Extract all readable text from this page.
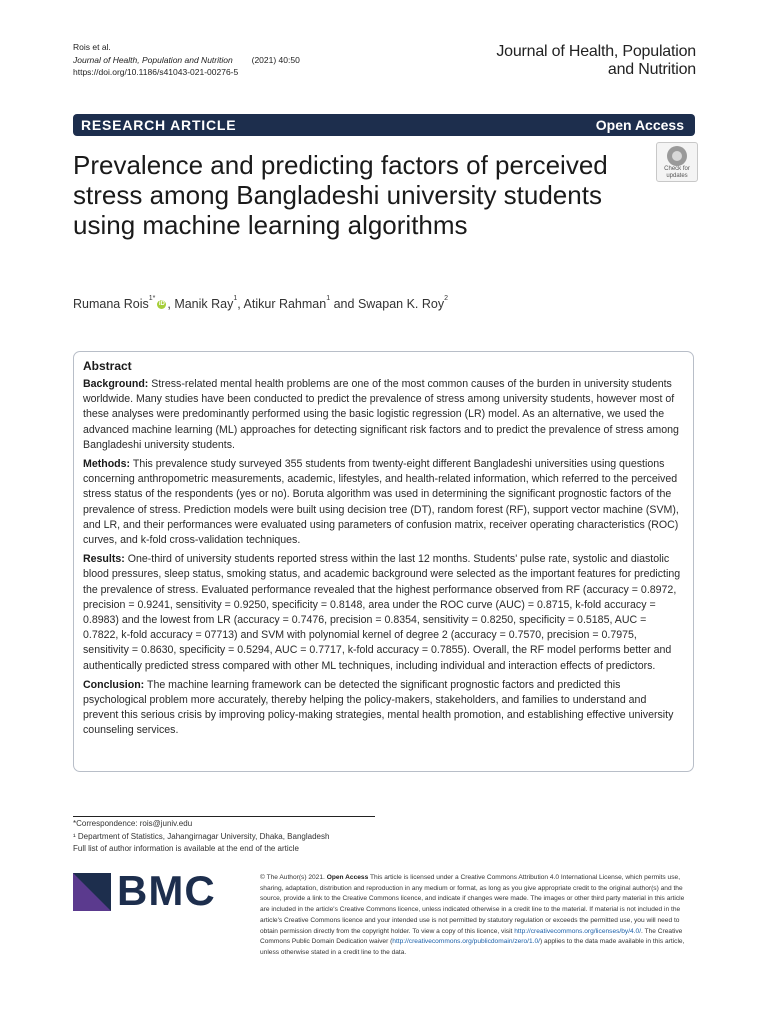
Rois et al.
Journal of Health, Population and Nutrition (2021) 40:50
https://doi.org/10.1186/s41043-021-00276-5
Journal of Health, Population
and Nutrition
RESEARCH ARTICLE	Open Access
Prevalence and predicting factors of perceived stress among Bangladeshi university students using machine learning algorithms
Check for
updates
Rumana Rois$^{1*}$iD , Manik Ray$^1$, Atikur Rahman$^1$ and Swapan K. Roy$^2$
Abstract

Background: Stress-related mental health problems are one of the most common causes of the burden in university students worldwide. Many studies have been conducted to predict the prevalence of stress among university students, however most of these analyses were predominantly performed using the basic logistic regression (LR) model. As an alternative, we used the advanced machine learning (ML) approaches for detecting significant risk factors and to predict the prevalence of stress among Bangladeshi university students.

Methods: This prevalence study surveyed 355 students from twenty-eight different Bangladeshi universities using questions concerning anthropometric measurements, academic, lifestyles, and health-related information, which referred to the perceived stress status of the respondents (yes or no). Boruta algorithm was used in determining the significant prognostic factors of the prevalence of stress. Prediction models were built using decision tree (DT), random forest (RF), support vector machine (SVM), and LR, and their performances were evaluated using parameters of confusion matrix, receiver operating characteristics (ROC) curves, and k-fold cross-validation techniques.

Results: One-third of university students reported stress within the last 12 months. Students' pulse rate, systolic and diastolic blood pressures, sleep status, smoking status, and academic background were selected as the important features for predicting the prevalence of stress. Evaluated performance revealed that the highest performance observed from RF (accuracy = 0.8972, precision = 0.9241, sensitivity = 0.9250, specificity = 0.8148, area under the ROC curve (AUC) = 0.8715, k-fold accuracy = 0.8983) and the lowest from LR (accuracy = 0.7476, precision = 0.8354, sensitivity = 0.8250, specificity = 0.5185, AUC = 0.7822, k-fold accuracy = 07713) and SVM with polynomial kernel of degree 2 (accuracy = 0.7570, precision = 0.7975, sensitivity = 0.8630, specificity = 0.5294, AUC = 0.7717, k-fold accuracy = 0.7855). Overall, the RF model performs better and authentically predicted stress compared with other ML techniques, including individual and interaction effects of predictors.

Conclusion: The machine learning framework can be detected the significant prognostic factors and predicted this psychological problem more accurately, thereby helping the policy-makers, stakeholders, and families to understand and prevent this serious crisis by improving policy-making strategies, mental health promotion, and establishing effective university counseling services.

*Correspondence: rois@juniv.edu
¹ Department of Statistics, Jahangirnagar University, Dhaka, Bangladesh
Full list of author information is available at the end of the article
BMC	© The Author(s) 2021. Open Access This article is licensed under a Creative Commons Attribution 4.0 International License, which permits use, sharing, adaptation, distribution and reproduction in any medium or format, as long as you give appropriate credit to the original author(s) and the source, provide a link to the Creative Commons licence, and indicate if changes were made. The images or other third party material in this article are included in the article's Creative Commons licence, unless indicated otherwise in a credit line to the material. If material is not included in the article's Creative Commons licence and your intended use is not permitted by statutory regulation or exceeds the permitted use, you will need to obtain permission directly from the copyright holder. To view a copy of this licence, visit http://creativecommons.org/licenses/by/4.0/. The Creative Commons Public Domain Dedication waiver (http://creativecommons.org/publicdomain/zero/1.0/) applies to the data made available in this article, unless otherwise stated in a credit line to the data.
